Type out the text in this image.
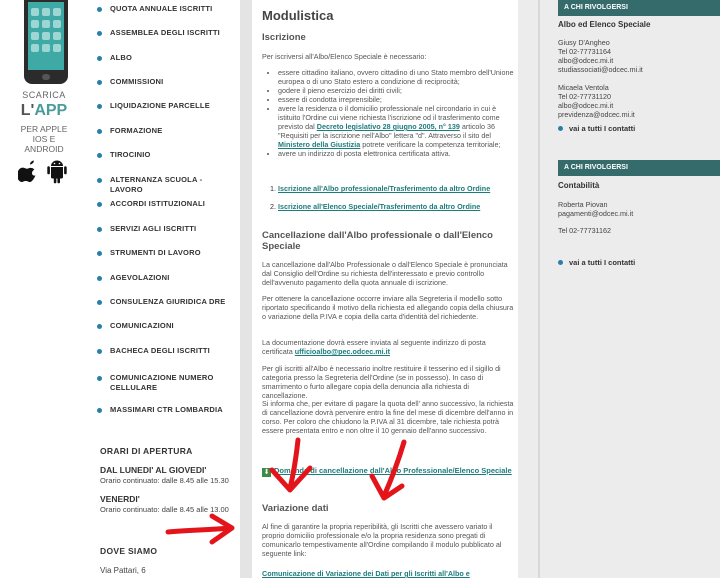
SCARICA
L'APP
PER APPLE IOS E ANDROID
QUOTA ANNUALE ISCRITTI
ASSEMBLEA DEGLI ISCRITTI
ALBO
COMMISSIONI
LIQUIDAZIONE PARCELLE
FORMAZIONE
TIROCINIO
ALTERNANZA SCUOLA - LAVORO
ACCORDI ISTITUZIONALI
SERVIZI AGLI ISCRITTI
STRUMENTI DI LAVORO
AGEVOLAZIONI
CONSULENZA GIURIDICA DRE
COMUNICAZIONI
BACHECA DEGLI ISCRITTI
COMUNICAZIONE NUMERO CELLULARE
MASSIMARI CTR LOMBARDIA
ORARI DI APERTURA
DAL LUNEDI' AL GIOVEDI'
Orario continuato: dalle 8.45 alle 15.30
VENERDI'
Orario continuato: dalle 8.45 alle 13.00
DOVE SIAMO
Via Pattari, 6
Modulistica
Iscrizione
Per iscriversi all'Albo/Elenco Speciale è necessario:
• essere cittadino italiano, ovvero cittadino di uno Stato membro dell'Unione europea o di uno Stato estero a condizione di reciprocità;
• godere il pieno esercizio dei diritti civili;
• essere di condotta irreprensibile;
• avere la residenza o il domicilio professionale nel circondario in cui è istituito l'Ordine cui viene richiesta l'iscrizione od il trasferimento come previsto dal Decreto legislativo 28 giugno 2005, n° 139 articolo 36 "Requisiti per la iscrizione nell'Albo" lettera "d". Attraverso il sito del Ministero della Giustizia potrete verificare la competenza territoriale;
• avere un indirizzo di posta elettronica certificata attiva.
1. Iscrizione all'Albo professionale/Trasferimento da altro Ordine
2. Iscrizione all'Elenco Speciale/Trasferimento da altro Ordine
Cancellazione dall'Albo professionale o dall'Elenco Speciale
La cancellazione dall'Albo Professionale o dall'Elenco Speciale è pronunciata dal Consiglio dell'Ordine su richiesta dell'interessato e previo controllo dell'avvenuto pagamento della quota annuale di iscrizione.
Per ottenere la cancellazione occorre inviare alla Segreteria il modello sotto riportato specificando il motivo della richiesta ed allegando copia della chiusura o variazione della P.IVA e copia della carta d'identità del richiedente.
La documentazione dovrà essere inviata al seguente indirizzo di posta certificata ufficioalbo@pec.odcec.mi.it
Per gli iscritti all'Albo è necessario inoltre restituire il tesserino ed il sigillo di categoria presso la Segreteria dell'Ordine (se in possesso). In caso di smarrimento o furto allegare copia della denuncia alla richiesta di cancellazione.
Si informa che, per evitare di pagare la quota dell' anno successivo, la richiesta di cancellazione dovrà pervenire entro la fine del mese di dicembre dell'anno in corso. Per coloro che chiudono la P.IVA al 31 dicembre, tale richiesta potrà essere presentata entro e non oltre il 10 gennaio dell'anno successivo.
⬇ Domanda di cancellazione dall'Albo Professionale/Elenco Speciale
Variazione dati
Al fine di garantire la propria reperibilità, gli Iscritti che avessero variato il proprio domicilio professionale e/o la propria residenza sono pregati di comunicarlo tempestivamente all'Ordine compilando il modulo pubblicato al seguente link:
Comunicazione di Variazione dei Dati per gli Iscritti all'Albo e
A CHI RIVOLGERSI
Albo ed Elenco Speciale
Giusy D'Angheo
Tel 02-77731164
albo@odcec.mi.it
studiassociati@odcec.mi.it
Micaela Ventola
Tel 02-77731120
albo@odcec.mi.it
previdenza@odcec.mi.it
vai a tutti I contatti
A CHI RIVOLGERSI
Contabilità
Roberta Piovan
pagamenti@odcec.mi.it
Tel 02-77731162
vai a tutti I contatti
